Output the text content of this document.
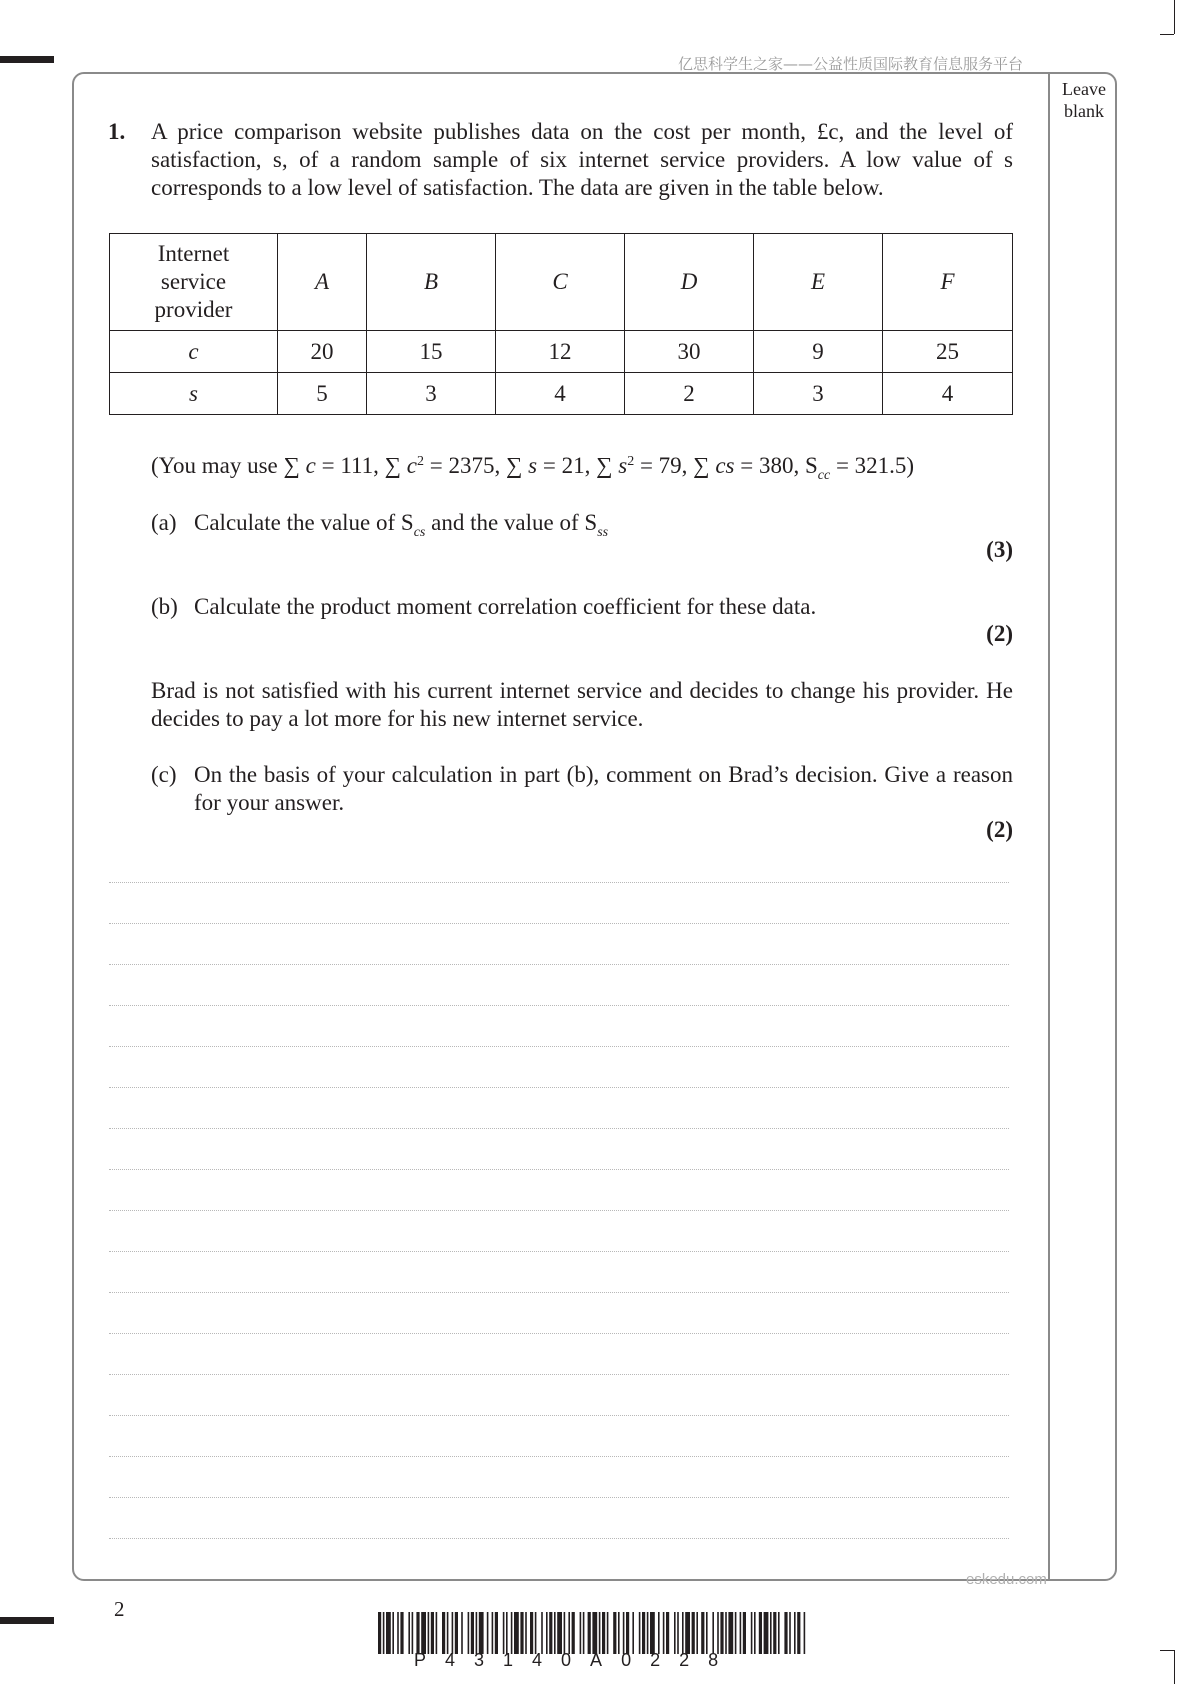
亿思科学生之家——公益性质国际教育信息服务平台
Leave
blank
1. A price comparison website publishes data on the cost per month, £c, and the level of satisfaction, s, of a random sample of six internet service providers. A low value of s corresponds to a low level of satisfaction. The data are given in the table below.
Internet
service
provider	A	B	C	D	E	F
c	20	15	12	30	9	25
s	5	3	4	2	3	4
(You may use ∑ c = 111, ∑ $c^2 = 2375$, ∑ s = 21, ∑ $s^2 = 79$, ∑ cs = 380, $S_{cc} = 321.5$)
(a) Calculate the value of $S_{cs}$ and the value of $S_{ss}$
(3)
(b) Calculate the product moment correlation coefficient for these data.
(2)
Brad is not satisfied with his current internet service and decides to change his provider. He decides to pay a lot more for his new internet service.
(c) On the basis of your calculation in part (b), comment on Brad’s decision. Give a reason for your answer.
(2)
eskedu.com
2
P43140A0228
